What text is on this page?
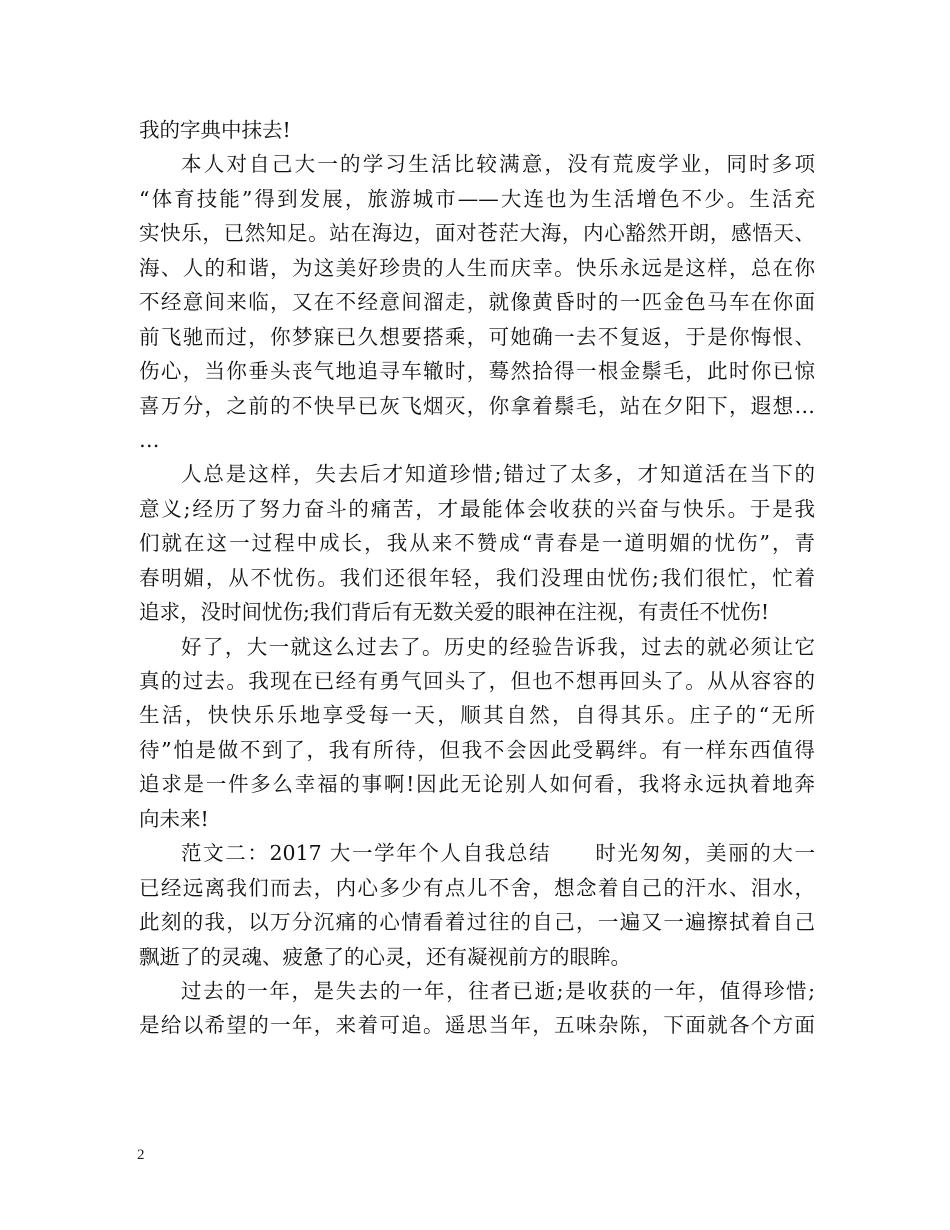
我的字典中抹去!
本人对自己大一的学习生活比较满意，没有荒废学业，同时多项
“体育技能”得到发展，旅游城市——大连也为生活增色不少。生活充
实快乐，已然知足。站在海边，面对苍茫大海，内心豁然开朗，感悟天、
海、人的和谐，为这美好珍贵的人生而庆幸。快乐永远是这样，总在你
不经意间来临，又在不经意间溜走，就像黄昏时的一匹金色马车在你面
前飞驰而过，你梦寐已久想要搭乘，可她确一去不复返，于是你悔恨、
伤心，当你垂头丧气地追寻车辙时，蓦然拾得一根金鬃毛，此时你已惊
喜万分，之前的不快早已灰飞烟灭，你拿着鬃毛，站在夕阳下，遐想…
…
人总是这样，失去后才知道珍惜;错过了太多，才知道活在当下的
意义;经历了努力奋斗的痛苦，才最能体会收获的兴奋与快乐。于是我
们就在这一过程中成长，我从来不赞成“青春是一道明媚的忧伤”，青
春明媚，从不忧伤。我们还很年轻，我们没理由忧伤;我们很忙，忙着
追求，没时间忧伤;我们背后有无数关爱的眼神在注视，有责任不忧伤!
好了，大一就这么过去了。历史的经验告诉我，过去的就必须让它
真的过去。我现在已经有勇气回头了，但也不想再回头了。从从容容的
生活，快快乐乐地享受每一天，顺其自然，自得其乐。庄子的“无所
待”怕是做不到了，我有所待，但我不会因此受羁绊。有一样东西值得
追求是一件多么幸福的事啊!因此无论别人如何看，我将永远执着地奔
向未来!
范文二：2017 大一学年个人自我总结　　时光匆匆，美丽的大一
已经远离我们而去，内心多少有点儿不舍，想念着自己的汗水、泪水，
此刻的我，以万分沉痛的心情看着过往的自己，一遍又一遍擦拭着自己
飘逝了的灵魂、疲惫了的心灵，还有凝视前方的眼眸。
过去的一年，是失去的一年，往者已逝;是收获的一年，值得珍惜;
是给以希望的一年，来着可追。遥思当年，五味杂陈，下面就各个方面
2
